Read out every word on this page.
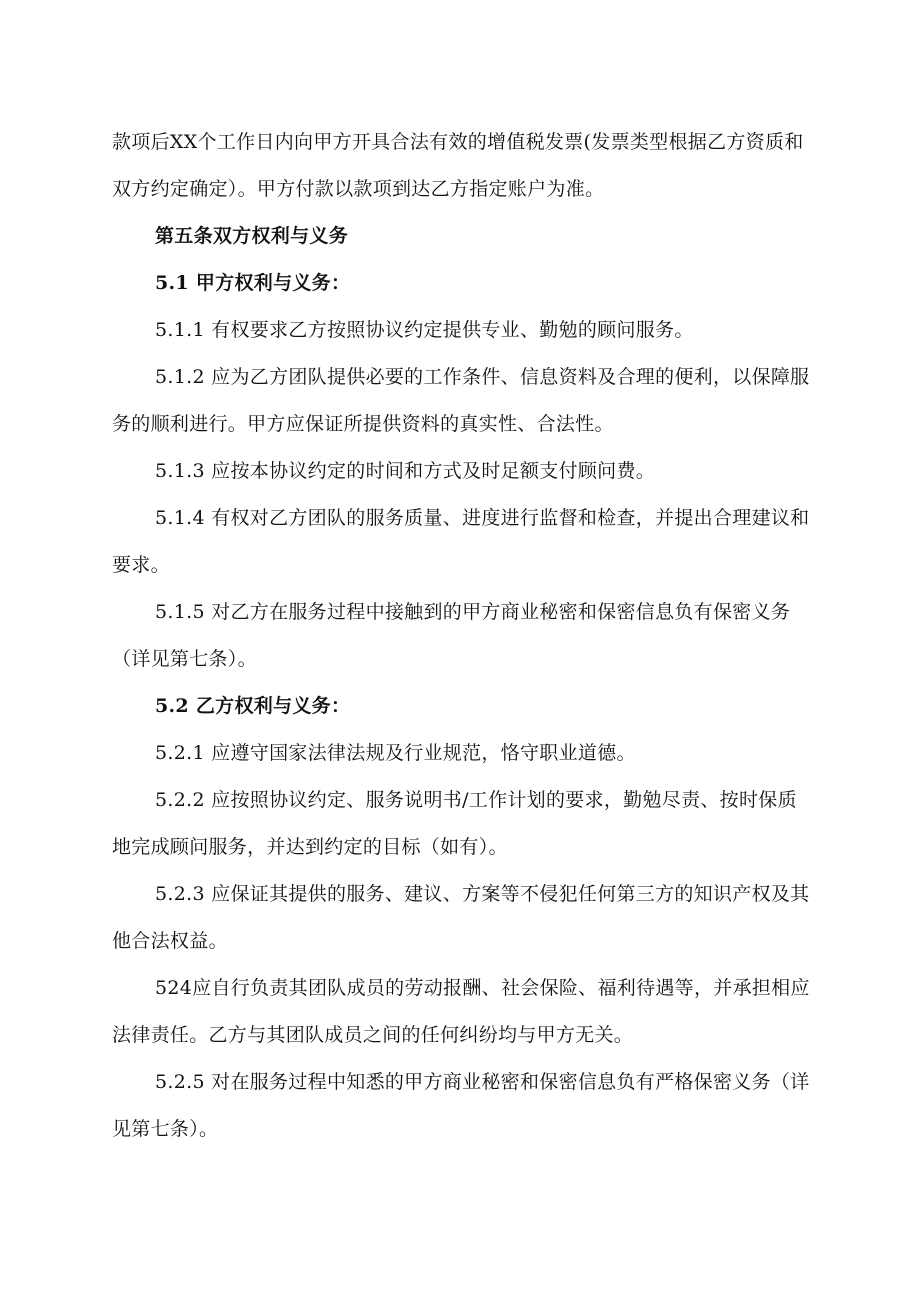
款项后XX个工作日内向甲方开具合法有效的增值税发票(发票类型根据乙方资质和双方约定确定）。甲方付款以款项到达乙方指定账户为准。

第五条双方权利与义务

5.1 甲方权利与义务：

5.1.1 有权要求乙方按照协议约定提供专业、勤勉的顾问服务。

5.1.2 应为乙方团队提供必要的工作条件、信息资料及合理的便利，以保障服务的顺利进行。甲方应保证所提供资料的真实性、合法性。

5.1.3 应按本协议约定的时间和方式及时足额支付顾问费。

5.1.4 有权对乙方团队的服务质量、进度进行监督和检查，并提出合理建议和要求。

5.1.5 对乙方在服务过程中接触到的甲方商业秘密和保密信息负有保密义务（详见第七条）。

5.2 乙方权利与义务：

5.2.1 应遵守国家法律法规及行业规范，恪守职业道德。

5.2.2 应按照协议约定、服务说明书/工作计划的要求，勤勉尽责、按时保质地完成顾问服务，并达到约定的目标（如有）。

5.2.3 应保证其提供的服务、建议、方案等不侵犯任何第三方的知识产权及其他合法权益。

524应自行负责其团队成员的劳动报酬、社会保险、福利待遇等，并承担相应法律责任。乙方与其团队成员之间的任何纠纷均与甲方无关。

5.2.5 对在服务过程中知悉的甲方商业秘密和保密信息负有严格保密义务（详见第七条）。
